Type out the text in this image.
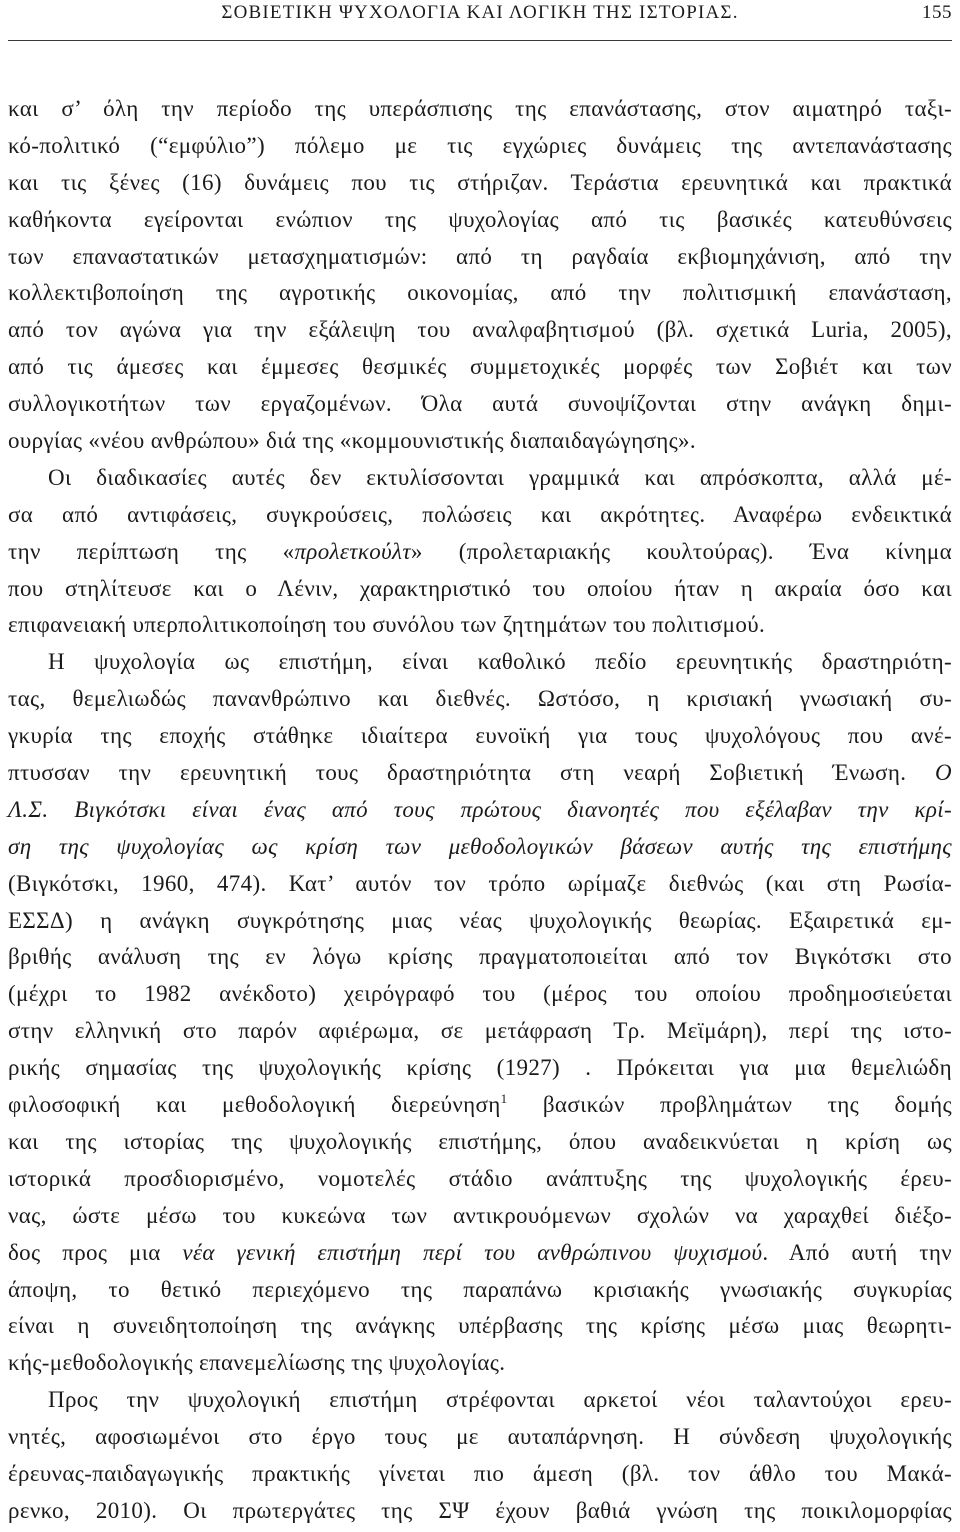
ΣΟΒΙΕΤΙΚΗ ΨΥΧΟΛΟΓΙΑ ΚΑΙ ΛΟΓΙΚΗ ΤΗΣ ΙΣΤΟΡΙΑΣ.	155
και σ’ όλη την περίοδο της υπεράσπισης της επανάστασης, στον αιματηρό ταξι-
κό-πολιτικό (“εμφύλιο”) πόλεμο με τις εγχώριες δυνάμεις της αντεπανάστασης
και τις ξένες (16) δυνάμεις που τις στήριζαν. Τεράστια ερευνητικά και πρακτικά
καθήκοντα εγείρονται ενώπιον της ψυχολογίας από τις βασικές κατευθύνσεις
των επαναστατικών μετασχηματισμών: από τη ραγδαία εκβιομηχάνιση, από την
κολλεκτιβοποίηση της αγροτικής οικονομίας, από την πολιτισμική επανάσταση,
από τον αγώνα για την εξάλειψη του αναλφαβητισμού (βλ. σχετικά Luria, 2005),
από τις άμεσες και έμμεσες θεσμικές συμμετοχικές μορφές των Σοβιέτ και των
συλλογικοτήτων των εργαζομένων. Όλα αυτά συνοψίζονται στην ανάγκη δημι-
ουργίας «νέου ανθρώπου» διά της «κομμουνιστικής διαπαιδαγώγησης».
Οι διαδικασίες αυτές δεν εκτυλίσσονται γραμμικά και απρόσκοπτα, αλλά μέ-
σα από αντιφάσεις, συγκρούσεις, πολώσεις και ακρότητες. Αναφέρω ενδεικτικά
την περίπτωση της «προλετκούλτ» (προλεταριακής κουλτούρας). Ένα κίνημα
που στηλίτευσε και ο Λένιν, χαρακτηριστικό του οποίου ήταν η ακραία όσο και
επιφανειακή υπερπολιτικοποίηση του συνόλου των ζητημάτων του πολιτισμού.
Η ψυχολογία ως επιστήμη, είναι καθολικό πεδίο ερευνητικής δραστηριότη-
τας, θεμελιωδώς πανανθρώπινο και διεθνές. Ωστόσο, η κρισιακή γνωσιακή συ-
γκυρία της εποχής στάθηκε ιδιαίτερα ευνοϊκή για τους ψυχολόγους που ανέ-
πτυσσαν την ερευνητική τους δραστηριότητα στη νεαρή Σοβιετική Ένωση. Ο
Λ.Σ. Βιγκότσκι είναι ένας από τους πρώτους διανοητές που εξέλαβαν την κρί-
ση της ψυχολογίας ως κρίση των μεθοδολογικών βάσεων αυτής της επιστήμης
(Βιγκότσκι, 1960, 474). Κατ’ αυτόν τον τρόπο ωρίμαζε διεθνώς (και στη Ρωσία-
ΕΣΣΔ) η ανάγκη συγκρότησης μιας νέας ψυχολογικής θεωρίας. Εξαιρετικά εμ-
βριθής ανάλυση της εν λόγω κρίσης πραγματοποιείται από τον Βιγκότσκι στο
(μέχρι το 1982 ανέκδοτο) χειρόγραφό του (μέρος του οποίου προδημοσιεύεται
στην ελληνική στο παρόν αφιέρωμα, σε μετάφραση Τρ. Μεϊμάρη), περί της ιστο-
ρικής σημασίας της ψυχολογικής κρίσης (1927) . Πρόκειται για μια θεμελιώδη
φιλοσοφική και μεθοδολογική διερεύνηση$^1$ βασικών προβλημάτων της δομής
και της ιστορίας της ψυχολογικής επιστήμης, όπου αναδεικνύεται η κρίση ως
ιστορικά προσδιορισμένο, νομοτελές στάδιο ανάπτυξης της ψυχολογικής έρευ-
νας, ώστε μέσω του κυκεώνα των αντικρουόμενων σχολών να χαραχθεί διέξο-
δος προς μια νέα γενική επιστήμη περί του ανθρώπινου ψυχισμού. Από αυτή την
άποψη, το θετικό περιεχόμενο της παραπάνω κρισιακής γνωσιακής συγκυρίας
είναι η συνειδητοποίηση της ανάγκης υπέρβασης της κρίσης μέσω μιας θεωρητι-
κής-μεθοδολογικής επανεμελίωσης της ψυχολογίας.
Προς την ψυχολογική επιστήμη στρέφονται αρκετοί νέοι ταλαντούχοι ερευ-
νητές, αφοσιωμένοι στο έργο τους με αυταπάρνηση. Η σύνδεση ψυχολογικής
έρευνας-παιδαγωγικής πρακτικής γίνεται πιο άμεση (βλ. τον άθλο του Μακά-
ρενκο, 2010). Οι πρωτεργάτες της ΣΨ έχουν βαθιά γνώση της ποικιλομορφίας
